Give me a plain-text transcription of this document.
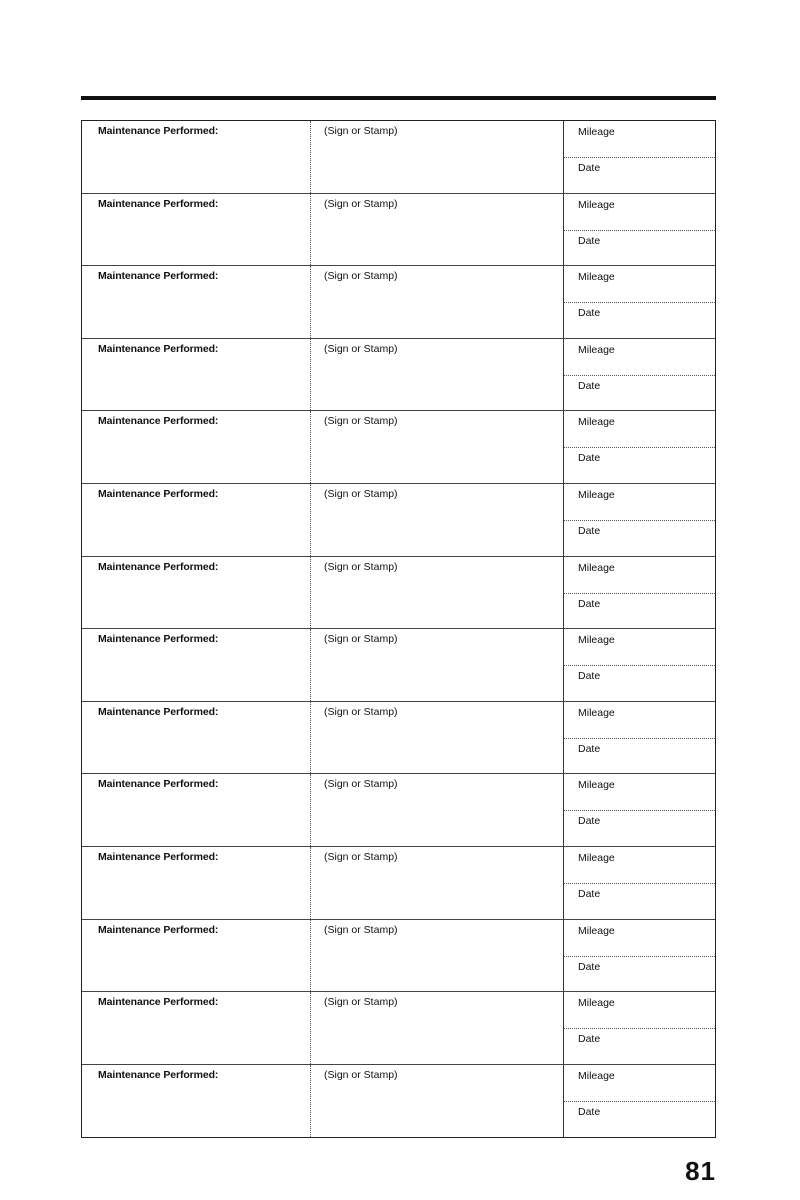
Maintenance Performed:	(Sign or Stamp)	Mileage
Date
Maintenance Performed:	(Sign or Stamp)	Mileage
Date
Maintenance Performed:	(Sign or Stamp)	Mileage
Date
Maintenance Performed:	(Sign or Stamp)	Mileage
Date
Maintenance Performed:	(Sign or Stamp)	Mileage
Date
Maintenance Performed:	(Sign or Stamp)	Mileage
Date
Maintenance Performed:	(Sign or Stamp)	Mileage
Date
Maintenance Performed:	(Sign or Stamp)	Mileage
Date
Maintenance Performed:	(Sign or Stamp)	Mileage
Date
Maintenance Performed:	(Sign or Stamp)	Mileage
Date
Maintenance Performed:	(Sign or Stamp)	Mileage
Date
Maintenance Performed:	(Sign or Stamp)	Mileage
Date
Maintenance Performed:	(Sign or Stamp)	Mileage
Date
Maintenance Performed:	(Sign or Stamp)	Mileage
Date
81
